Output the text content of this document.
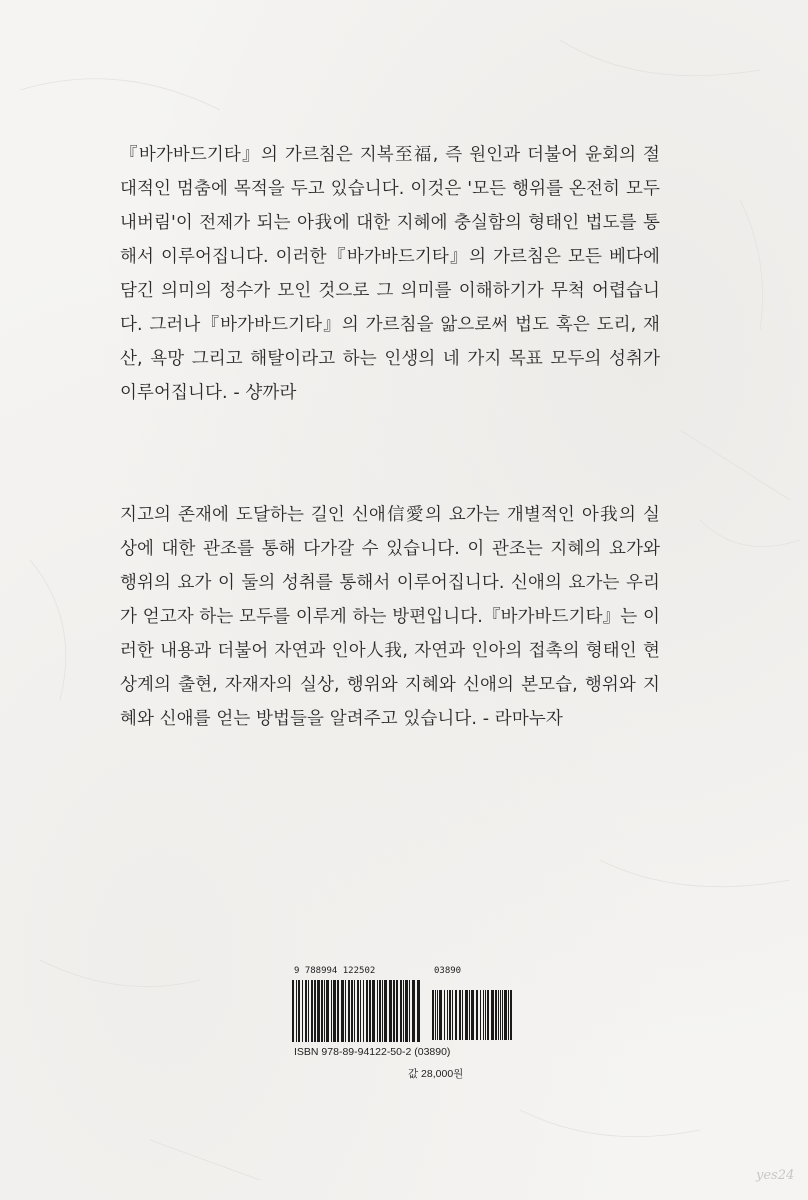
『바가바드기타』의 가르침은 지복至福, 즉 원인과 더불어 윤회의 절대적인 멈춤에 목적을 두고 있습니다. 이것은 '모든 행위를 온전히 모두 내버림'이 전제가 되는 아我에 대한 지혜에 충실함의 형태인 법도를 통해서 이루어집니다. 이러한『바가바드기타』의 가르침은 모든 베다에 담긴 의미의 정수가 모인 것으로 그 의미를 이해하기가 무척 어렵습니다. 그러나『바가바드기타』의 가르침을 앎으로써 법도 혹은 도리, 재산, 욕망 그리고 해탈이라고 하는 인생의 네 가지 목표 모두의 성취가 이루어집니다. - 샹까라

지고의 존재에 도달하는 길인 신애信愛의 요가는 개별적인 아我의 실상에 대한 관조를 통해 다가갈 수 있습니다. 이 관조는 지혜의 요가와 행위의 요가 이 둘의 성취를 통해서 이루어집니다. 신애의 요가는 우리가 얻고자 하는 모두를 이루게 하는 방편입니다.『바가바드기타』는 이러한 내용과 더불어 자연과 인아人我, 자연과 인아의 접촉의 형태인 현상계의 출현, 자재자의 실상, 행위와 지혜와 신애의 본모습, 행위와 지혜와 신애를 얻는 방법들을 알려주고 있습니다. - 라마누자

9 788994 122502	03890
ISBN 978-89-94122-50-2 (03890)
값 28,000원
yes24
